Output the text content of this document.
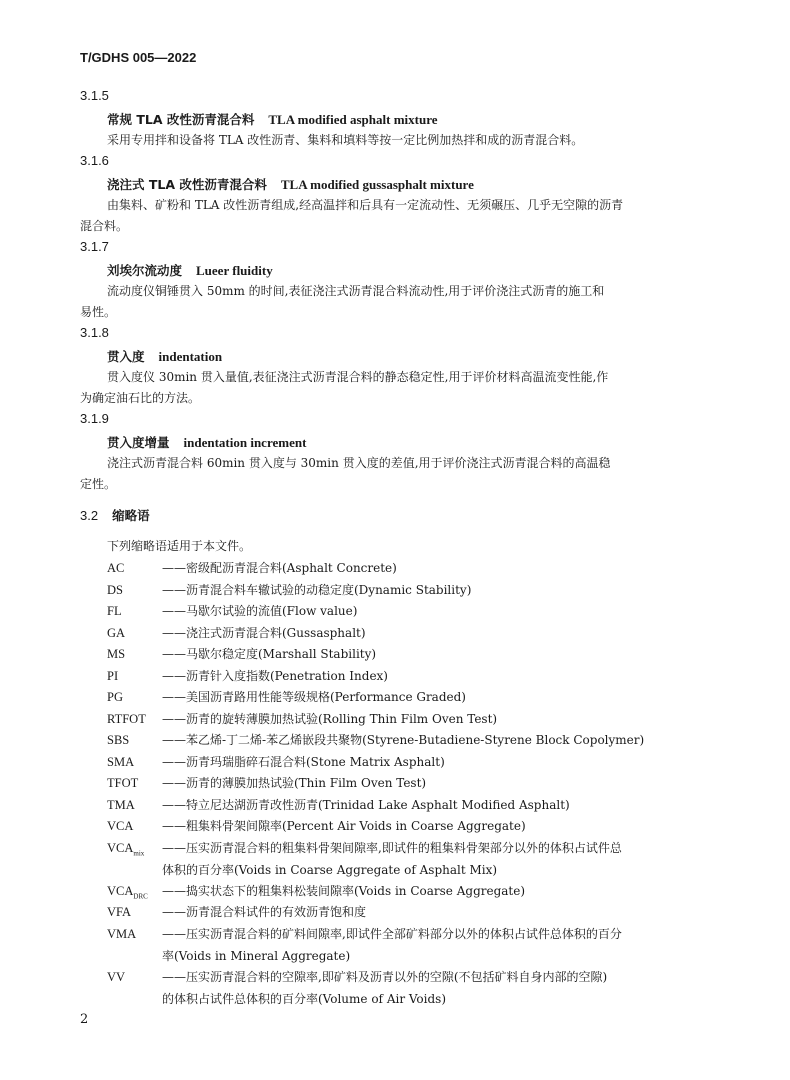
T/GDHS 005—2022
3.1.5
常规 TLA 改性沥青混合料 TLA modified asphalt mixture
采用专用拌和设备将 TLA 改性沥青、集料和填料等按一定比例加热拌和成的沥青混合料。
3.1.6
浇注式 TLA 改性沥青混合料 TLA modified gussasphalt mixture
由集料、矿粉和 TLA 改性沥青组成,经高温拌和后具有一定流动性、无须碾压、几乎无空隙的沥青
混合料。
3.1.7
刘埃尔流动度 Lueer fluidity
流动度仪铜锤贯入 50mm 的时间,表征浇注式沥青混合料流动性,用于评价浇注式沥青的施工和
易性。
3.1.8
贯入度 indentation
贯入度仪 30min 贯入量值,表征浇注式沥青混合料的静态稳定性,用于评价材料高温流变性能,作
为确定油石比的方法。
3.1.9
贯入度增量 indentation increment
浇注式沥青混合料 60min 贯入度与 30min 贯入度的差值,用于评价浇注式沥青混合料的高温稳
定性。
3.2 缩略语
下列缩略语适用于本文件。
AC	——密级配沥青混合料(Asphalt Concrete)
DS	——沥青混合料车辙试验的动稳定度(Dynamic Stability)
FL	——马歇尔试验的流值(Flow value)
GA	——浇注式沥青混合料(Gussasphalt)
MS	——马歇尔稳定度(Marshall Stability)
PI	——沥青针入度指数(Penetration Index)
PG	——美国沥青路用性能等级规格(Performance Graded)
RTFOT ——沥青的旋转薄膜加热试验(Rolling Thin Film Oven Test)
SBS	——苯乙烯-丁二烯-苯乙烯嵌段共聚物(Styrene-Butadiene-Styrene Block Copolymer)
SMA ——沥青玛瑞脂碎石混合料(Stone Matrix Asphalt)
TFOT ——沥青的薄膜加热试验(Thin Film Oven Test)
TMA ——特立尼达湖沥青改性沥青(Trinidad Lake Asphalt Modified Asphalt)
VCA ——粗集料骨架间隙率(Percent Air Voids in Coarse Aggregate)
$VCA_{mix}$ ——压实沥青混合料的粗集料骨架间隙率,即试件的粗集料骨架部分以外的体积占试件总
体积的百分率(Voids in Coarse Aggregate of Asphalt Mix)
$VCA_{DRC}$ ——捣实状态下的粗集料松装间隙率(Voids in Coarse Aggregate)
VFA	——沥青混合料试件的有效沥青饱和度
VMA ——压实沥青混合料的矿料间隙率,即试件全部矿料部分以外的体积占试件总体积的百分
率(Voids in Mineral Aggregate)
VV	——压实沥青混合料的空隙率,即矿料及沥青以外的空隙(不包括矿料自身内部的空隙)
的体积占试件总体积的百分率(Volume of Air Voids)
2
